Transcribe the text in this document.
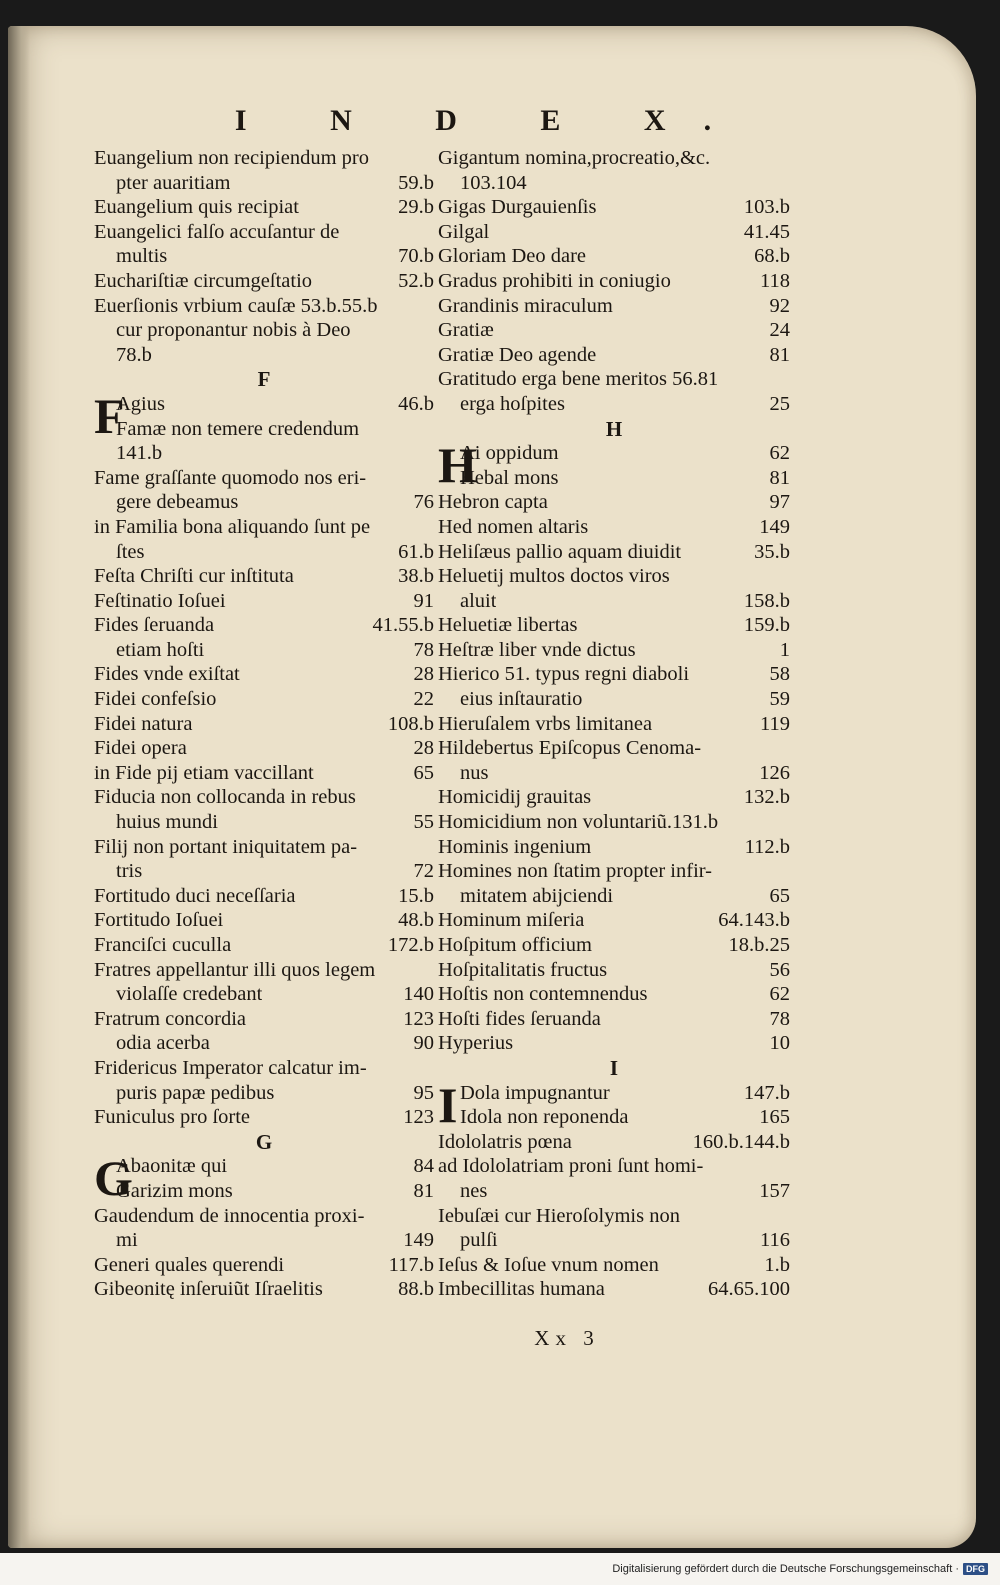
I N D E X.
Euangelium non recipiendum pro
pter auaritiam	59.b
Euangelium quis recipiat	29.b
Euangelici falſo accuſantur de
multis	70.b
Euchariſtiæ circumgeſtatio	52.b
Euerſionis vrbium cauſæ 53.b.55.b
cur proponantur nobis à Deo
78.b
F
F
Agius	46.b
Famæ non temere credendum
141.b
Fame graſſante quomodo nos eri-
gere debeamus	76
in Familia bona aliquando ſunt pe
ſtes	61.b
Feſta Chriſti cur inſtituta	38.b
Feſtinatio Ioſuei	91
Fides ſeruanda	41.55.b
etiam hoſti	78
Fides vnde exiſtat	28
Fidei confeſsio	22
Fidei natura	108.b
Fidei opera	28
in Fide pij etiam vaccillant	65
Fiducia non collocanda in rebus
huius mundi	55
Filij non portant iniquitatem pa-
tris	72
Fortitudo duci neceſſaria	15.b
Fortitudo Ioſuei	48.b
Franciſci cuculla	172.b
Fratres appellantur illi quos legem
violaſſe credebant	140
Fratrum concordia	123
odia acerba	90
Fridericus Imperator calcatur im-
puris papæ pedibus	95
Funiculus pro ſorte	123
G
G
Abaonitæ qui	84
Garizim mons	81
Gaudendum de innocentia proxi-
mi	149
Generi quales querendi	117.b
Gibeonitę inſeruiũt Iſraelitis	88.b
Gigantum nomina,procreatio,&c.
103.104
Gigas Durgauienſis	103.b
Gilgal	41.45
Gloriam Deo dare	68.b
Gradus prohibiti in coniugio	118
Grandinis miraculum	92
Gratiæ	24
Gratiæ Deo agende	81
Gratitudo erga bene meritos 56.81
erga hoſpites	25
H
H
Ai oppidum	62
Hebal mons	81
Hebron capta	97
Hed nomen altaris	149
Heliſæus pallio aquam diuidit	35.b
Heluetij multos doctos viros
aluit	158.b
Heluetiæ libertas	159.b
Heſtræ liber vnde dictus	1
Hierico 51. typus regni diaboli	58
eius inſtauratio	59
Hieruſalem vrbs limitanea	119
Hildebertus Epiſcopus Cenoma-
nus	126
Homicidij grauitas	132.b
Homicidium non voluntariũ.131.b
Hominis ingenium	112.b
Homines non ſtatim propter infir-
mitatem abijciendi	65
Hominum miſeria	64.143.b
Hoſpitum officium	18.b.25
Hoſpitalitatis fructus	56
Hoſtis non contemnendus	62
Hoſti fides ſeruanda	78
Hyperius	10
I
I Dola impugnantur	147.b
Idola non reponenda	165
Idololatris pœna	160.b.144.b
ad Idololatriam proni ſunt homi-
nes	157
Iebuſæi cur Hieroſolymis non
pulſi	116
Ieſus & Ioſue vnum nomen	1.b
Imbecillitas humana	64.65.100
Xx 3
Digitalisierung gefördert durch die Deutsche Forschungsgemeinschaft · DFG
